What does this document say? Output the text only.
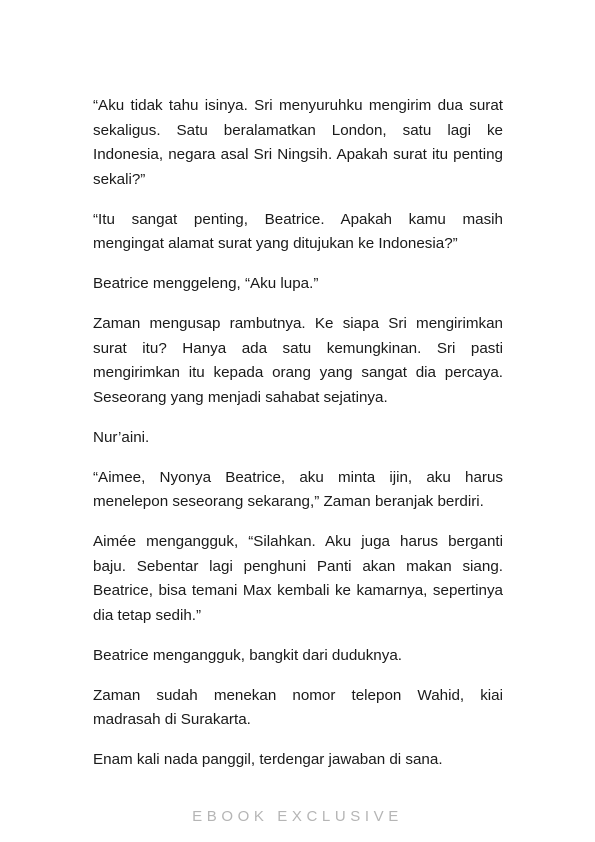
“Aku tidak tahu isinya. Sri menyuruhku mengirim dua surat sekaligus. Satu beralamatkan London, satu lagi ke Indonesia, negara asal Sri Ningsih. Apakah surat itu penting sekali?”

“Itu sangat penting, Beatrice. Apakah kamu masih mengingat alamat surat yang ditujukan ke Indonesia?”

Beatrice menggeleng, “Aku lupa.”

Zaman mengusap rambutnya. Ke siapa Sri mengirimkan surat itu? Hanya ada satu kemungkinan. Sri pasti mengirimkan itu kepada orang yang sangat dia percaya. Seseorang yang menjadi sahabat sejatinya.

Nur’aini.

“Aimee, Nyonya Beatrice, aku minta ijin, aku harus menelepon seseorang sekarang,” Zaman beranjak berdiri.

Aimée mengangguk, “Silahkan. Aku juga harus berganti baju. Sebentar lagi penghuni Panti akan makan siang. Beatrice, bisa temani Max kembali ke kamarnya, sepertinya dia tetap sedih.”

Beatrice mengangguk, bangkit dari duduknya.

Zaman sudah menekan nomor telepon Wahid, kiai madrasah di Surakarta.

Enam kali nada panggil, terdengar jawaban di sana.

EBOOK EXCLUSIVE
